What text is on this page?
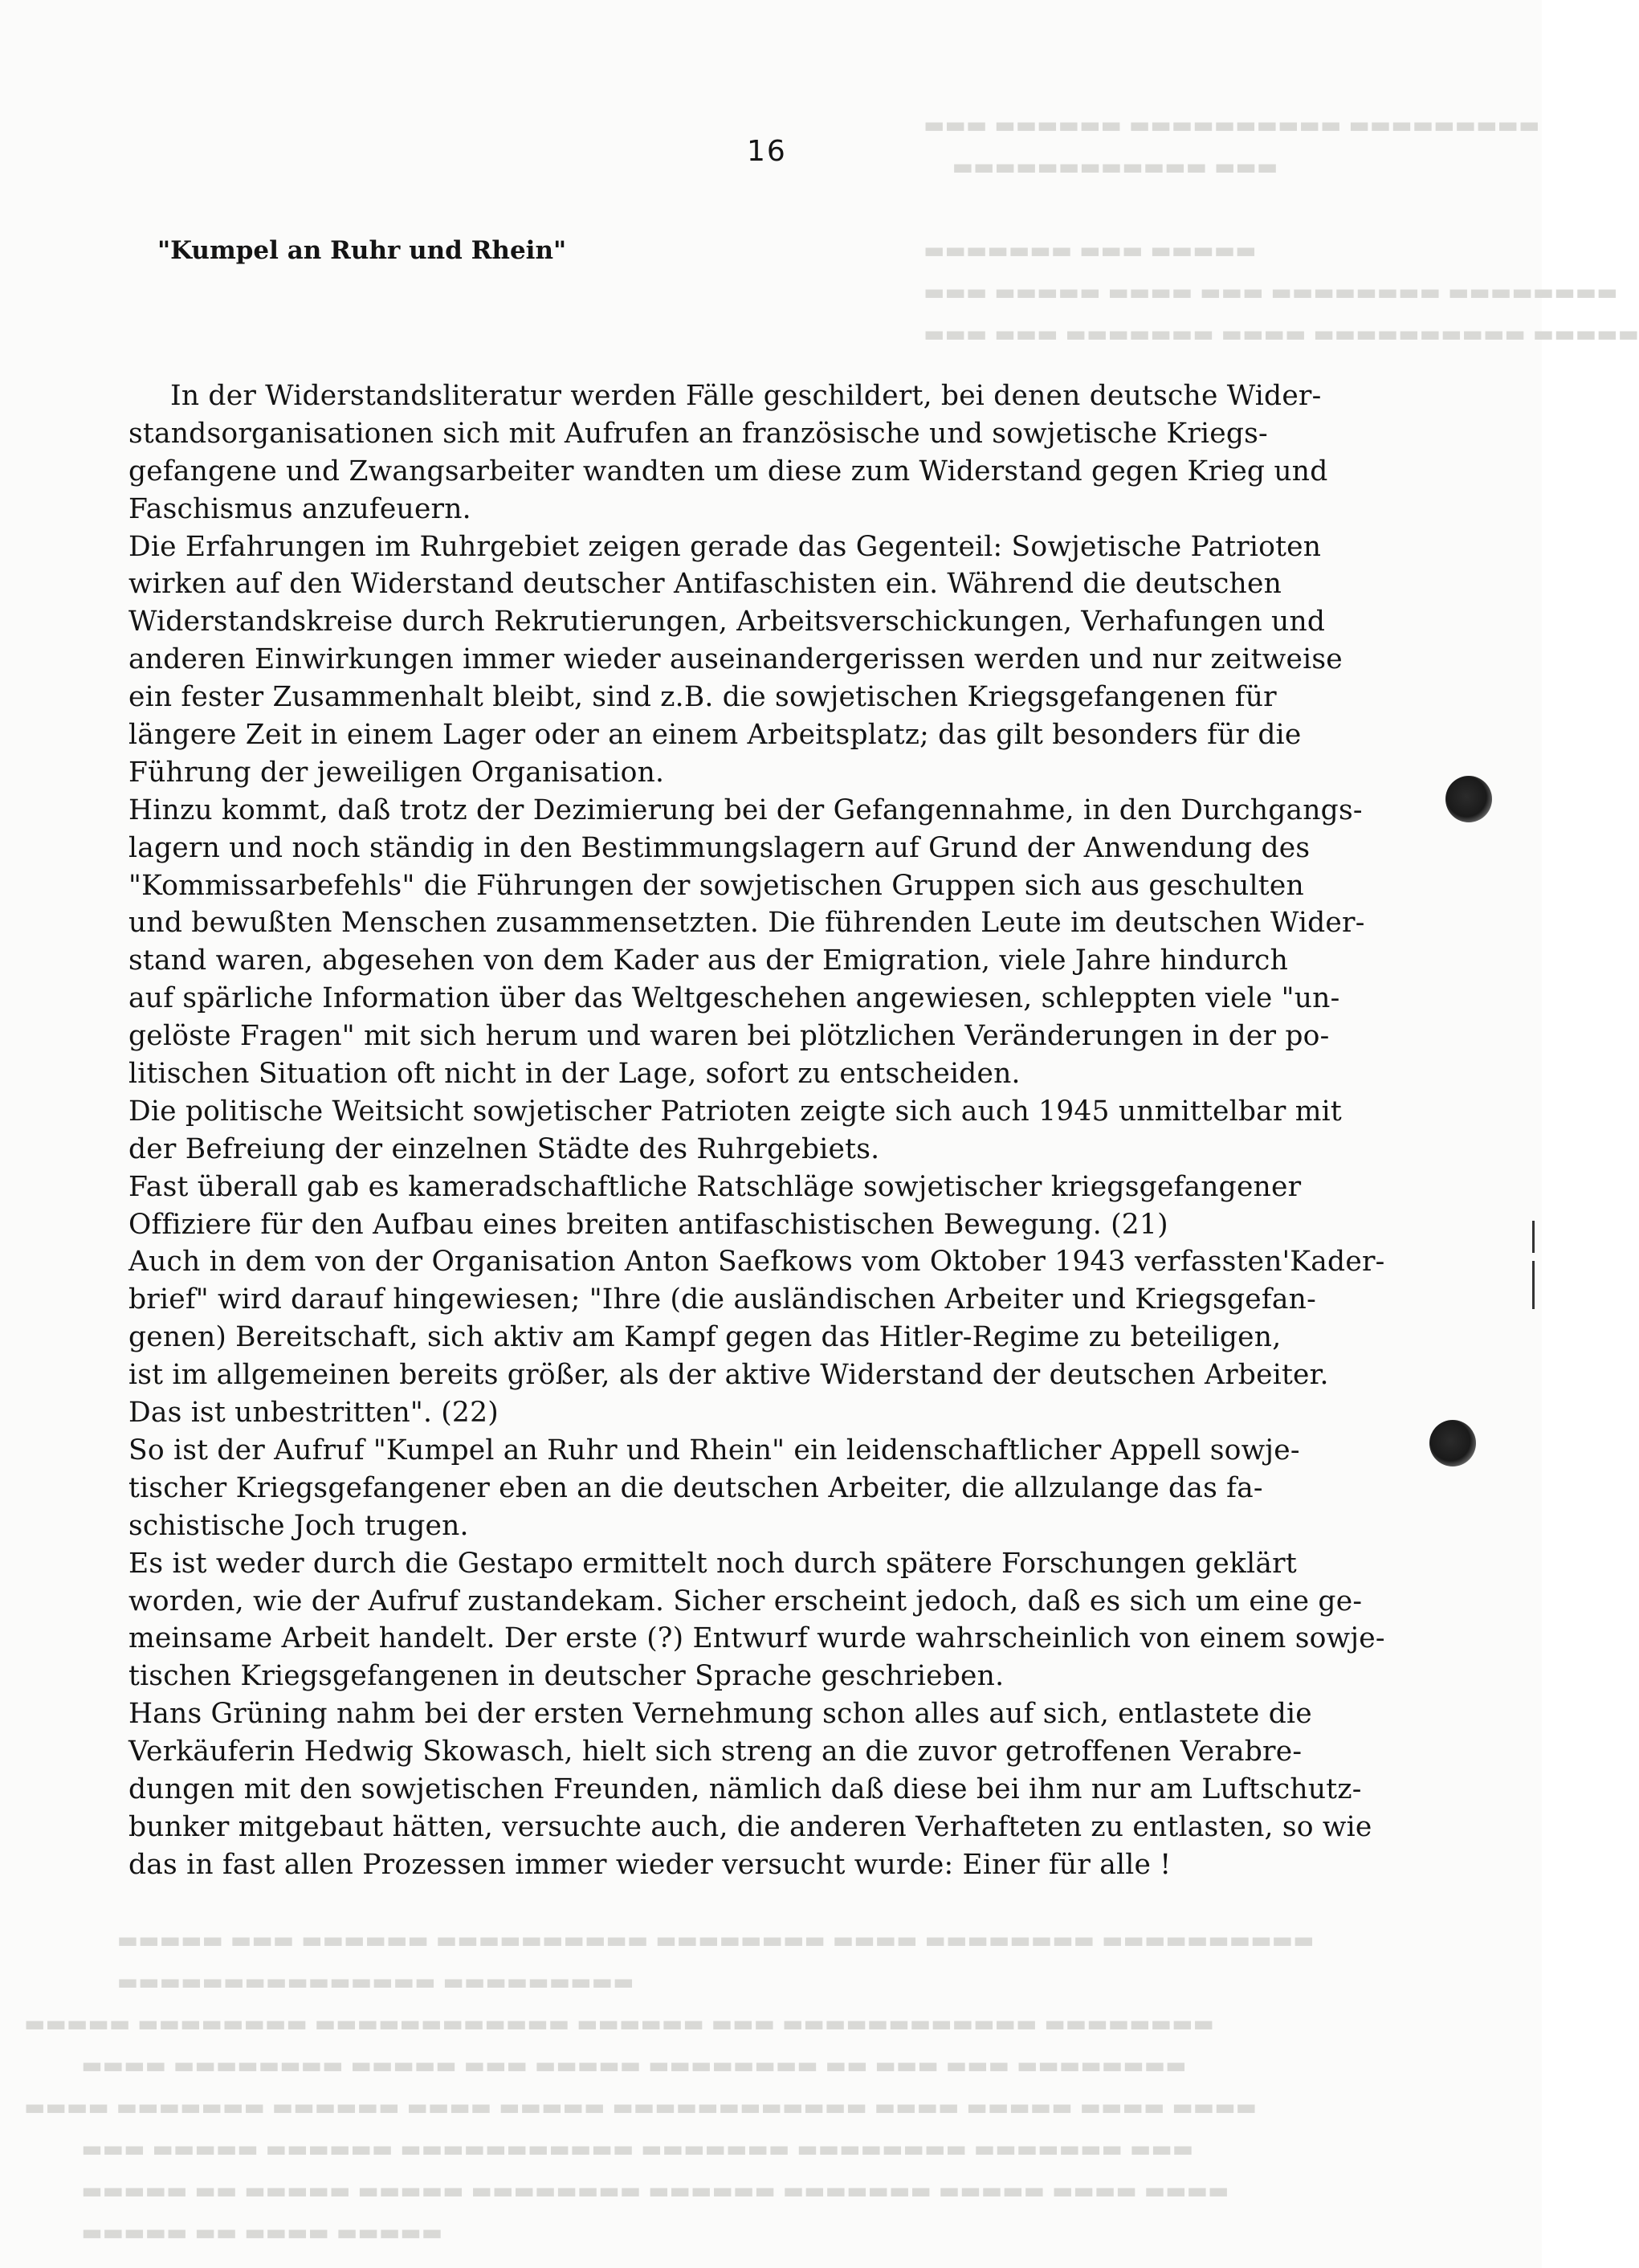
▬▬▬ ▬▬▬▬▬▬ ▬▬▬▬▬▬▬▬▬▬ ▬▬▬▬▬▬▬▬▬
▬▬▬▬▬▬▬▬▬▬▬▬ ▬▬▬

▬▬▬▬▬▬▬ ▬▬▬ ▬▬▬▬▬
▬▬▬ ▬▬▬▬▬ ▬▬▬▬ ▬▬▬ ▬▬▬▬▬▬▬▬ ▬▬▬▬▬▬▬▬
▬▬▬ ▬▬▬ ▬▬▬▬▬▬▬ ▬▬▬▬ ▬▬▬▬▬▬▬▬▬▬ ▬▬▬▬▬
▬▬▬▬▬ ▬▬▬ ▬▬▬▬▬▬ ▬▬▬▬▬▬▬▬▬▬ ▬▬▬▬▬▬▬▬ ▬▬▬▬ ▬▬▬▬▬▬▬▬ ▬▬▬▬▬▬▬▬▬▬
▬▬▬▬▬▬▬▬▬▬▬▬▬▬▬ ▬▬▬▬▬▬▬▬▬
▬▬▬▬▬ ▬▬▬▬▬▬▬▬ ▬▬▬▬▬▬▬▬▬▬▬▬ ▬▬▬▬▬▬ ▬▬▬ ▬▬▬▬▬▬▬▬▬▬▬▬ ▬▬▬▬▬▬▬▬
▬▬▬▬ ▬▬▬▬▬▬▬▬ ▬▬▬▬▬ ▬▬▬ ▬▬▬▬▬ ▬▬▬▬▬▬▬▬ ▬▬ ▬▬▬ ▬▬▬ ▬▬▬▬▬▬▬▬
▬▬▬▬ ▬▬▬▬▬▬▬ ▬▬▬▬▬▬ ▬▬▬▬ ▬▬▬▬▬ ▬▬▬▬▬▬▬▬▬▬▬▬ ▬▬▬▬ ▬▬▬▬▬ ▬▬▬▬ ▬▬▬▬
▬▬▬ ▬▬▬▬▬ ▬▬▬▬▬▬ ▬▬▬▬▬▬▬▬▬▬▬ ▬▬▬▬▬▬▬ ▬▬▬▬▬▬▬▬ ▬▬▬▬▬▬▬ ▬▬▬
▬▬▬▬▬ ▬▬ ▬▬▬▬▬ ▬▬▬▬▬ ▬▬▬▬▬▬▬▬ ▬▬▬▬▬▬ ▬▬▬▬▬▬▬ ▬▬▬▬▬ ▬▬▬▬ ▬▬▬▬
▬▬▬▬▬ ▬▬ ▬▬▬▬ ▬▬▬▬▬
16
"Kumpel an Ruhr und Rhein"
In der Widerstandsliteratur werden Fälle geschildert, bei denen deutsche Wider-
standsorganisationen sich mit Aufrufen an französische und sowjetische Kriegs-
gefangene und Zwangsarbeiter wandten um diese zum Widerstand gegen Krieg und
Faschismus anzufeuern.
Die Erfahrungen im Ruhrgebiet zeigen gerade das Gegenteil: Sowjetische Patrioten
wirken auf den Widerstand deutscher Antifaschisten ein. Während die deutschen
Widerstandskreise durch Rekrutierungen, Arbeitsverschickungen, Verhafungen und
anderen Einwirkungen immer wieder auseinandergerissen werden und nur zeitweise
ein fester Zusammenhalt bleibt, sind z.B. die sowjetischen Kriegsgefangenen für
längere Zeit in einem Lager oder an einem Arbeitsplatz; das gilt besonders für die
Führung der jeweiligen Organisation.
Hinzu kommt, daß trotz der Dezimierung bei der Gefangennahme, in den Durchgangs-
lagern und noch ständig in den Bestimmungslagern auf Grund der Anwendung des
"Kommissarbefehls" die Führungen der sowjetischen Gruppen sich aus geschulten
und bewußten Menschen zusammensetzten. Die führenden Leute im deutschen Wider-
stand waren, abgesehen von dem Kader aus der Emigration, viele Jahre hindurch
auf spärliche Information über das Weltgeschehen angewiesen, schleppten viele "un-
gelöste Fragen" mit sich herum und waren bei plötzlichen Veränderungen in der po-
litischen Situation oft nicht in der Lage, sofort zu entscheiden.
Die politische Weitsicht sowjetischer Patrioten zeigte sich auch 1945 unmittelbar mit
der Befreiung der einzelnen Städte des Ruhrgebiets.
Fast überall gab es kameradschaftliche Ratschläge sowjetischer kriegsgefangener
Offiziere für den Aufbau eines breiten antifaschistischen Bewegung. (21)
Auch in dem von der Organisation Anton Saefkows vom Oktober 1943 verfassten'Kader-
brief" wird darauf hingewiesen; "Ihre (die ausländischen Arbeiter und Kriegsgefan-
genen) Bereitschaft, sich aktiv am Kampf gegen das Hitler-Regime zu beteiligen,
ist im allgemeinen bereits größer, als der aktive Widerstand der deutschen Arbeiter.
Das ist unbestritten". (22)
So ist der Aufruf "Kumpel an Ruhr und Rhein" ein leidenschaftlicher Appell sowje-
tischer Kriegsgefangener eben an die deutschen Arbeiter, die allzulange das fa-
schistische Joch trugen.
Es ist weder durch die Gestapo ermittelt noch durch spätere Forschungen geklärt
worden, wie der Aufruf zustandekam. Sicher erscheint jedoch, daß es sich um eine ge-
meinsame Arbeit handelt. Der erste (?) Entwurf wurde wahrscheinlich von einem sowje-
tischen Kriegsgefangenen in deutscher Sprache geschrieben.
Hans Grüning nahm bei der ersten Vernehmung schon alles auf sich, entlastete die
Verkäuferin Hedwig Skowasch, hielt sich streng an die zuvor getroffenen Verabre-
dungen mit den sowjetischen Freunden, nämlich daß diese bei ihm nur am Luftschutz-
bunker mitgebaut hätten, versuchte auch, die anderen Verhafteten zu entlasten, so wie
das in fast allen Prozessen immer wieder versucht wurde: Einer für alle !
